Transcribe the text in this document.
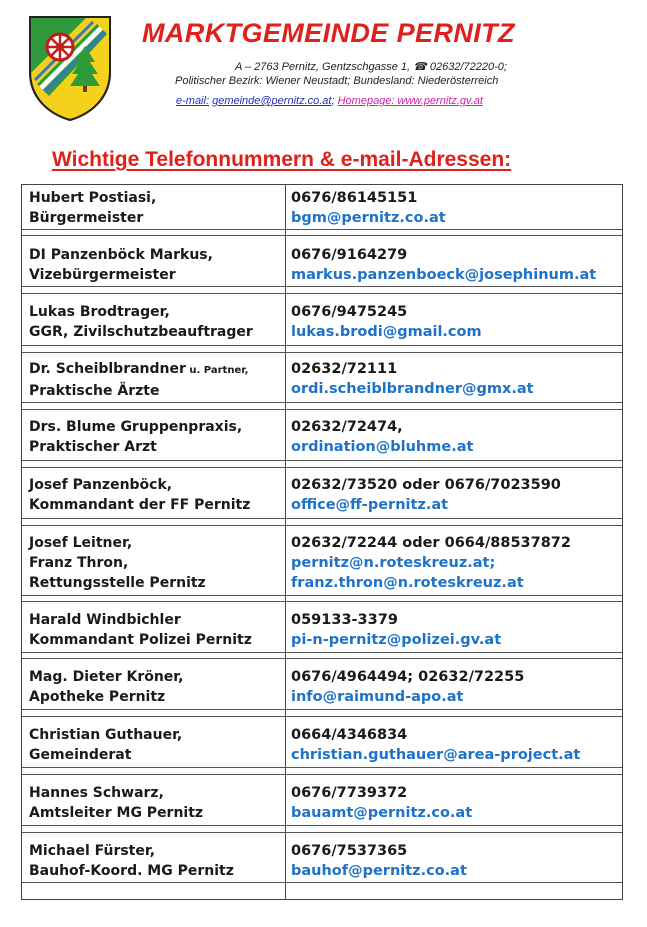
MARKTGEMEINDE PERNITZ
A – 2763 Pernitz, Gentzschgasse 1, ☎ 02632/72220-0;
Politischer Bezirk: Wiener Neustadt; Bundesland: Niederösterreich
e-mail: gemeinde@pernitz.co.at; Homepage: www.pernitz.gv.at
Wichtige Telefonnummern & e-mail-Adressen:
Hubert Postiasi,
Bürgermeister
0676/86145151
bgm@pernitz.co.at
DI Panzenböck Markus,
Vizebürgermeister
0676/9164279
markus.panzenboeck@josephinum.at
Lukas Brodtrager,
GGR, Zivilschutzbeauftrager
0676/9475245
lukas.brodi@gmail.com
Dr. Scheiblbrandner u. Partner,
Praktische Ärzte
02632/72111
ordi.scheiblbrandner@gmx.at
Drs. Blume Gruppenpraxis,
Praktischer Arzt
02632/72474,
ordination@bluhme.at
Josef Panzenböck,
Kommandant der FF Pernitz
02632/73520 oder 0676/7023590
office@ff-pernitz.at
Josef Leitner,
Franz Thron,
Rettungsstelle Pernitz
02632/72244 oder 0664/88537872
pernitz@n.roteskreuz.at;
franz.thron@n.roteskreuz.at
Harald Windbichler
Kommandant Polizei Pernitz
059133-3379
pi-n-pernitz@polizei.gv.at
Mag. Dieter Kröner,
Apotheke Pernitz
0676/4964494; 02632/72255
info@raimund-apo.at
Christian Guthauer,
Gemeinderat
0664/4346834
christian.guthauer@area-project.at
Hannes Schwarz,
Amtsleiter MG Pernitz
0676/7739372
bauamt@pernitz.co.at
Michael Fürster,
Bauhof-Koord. MG Pernitz
0676/7537365
bauhof@pernitz.co.at
